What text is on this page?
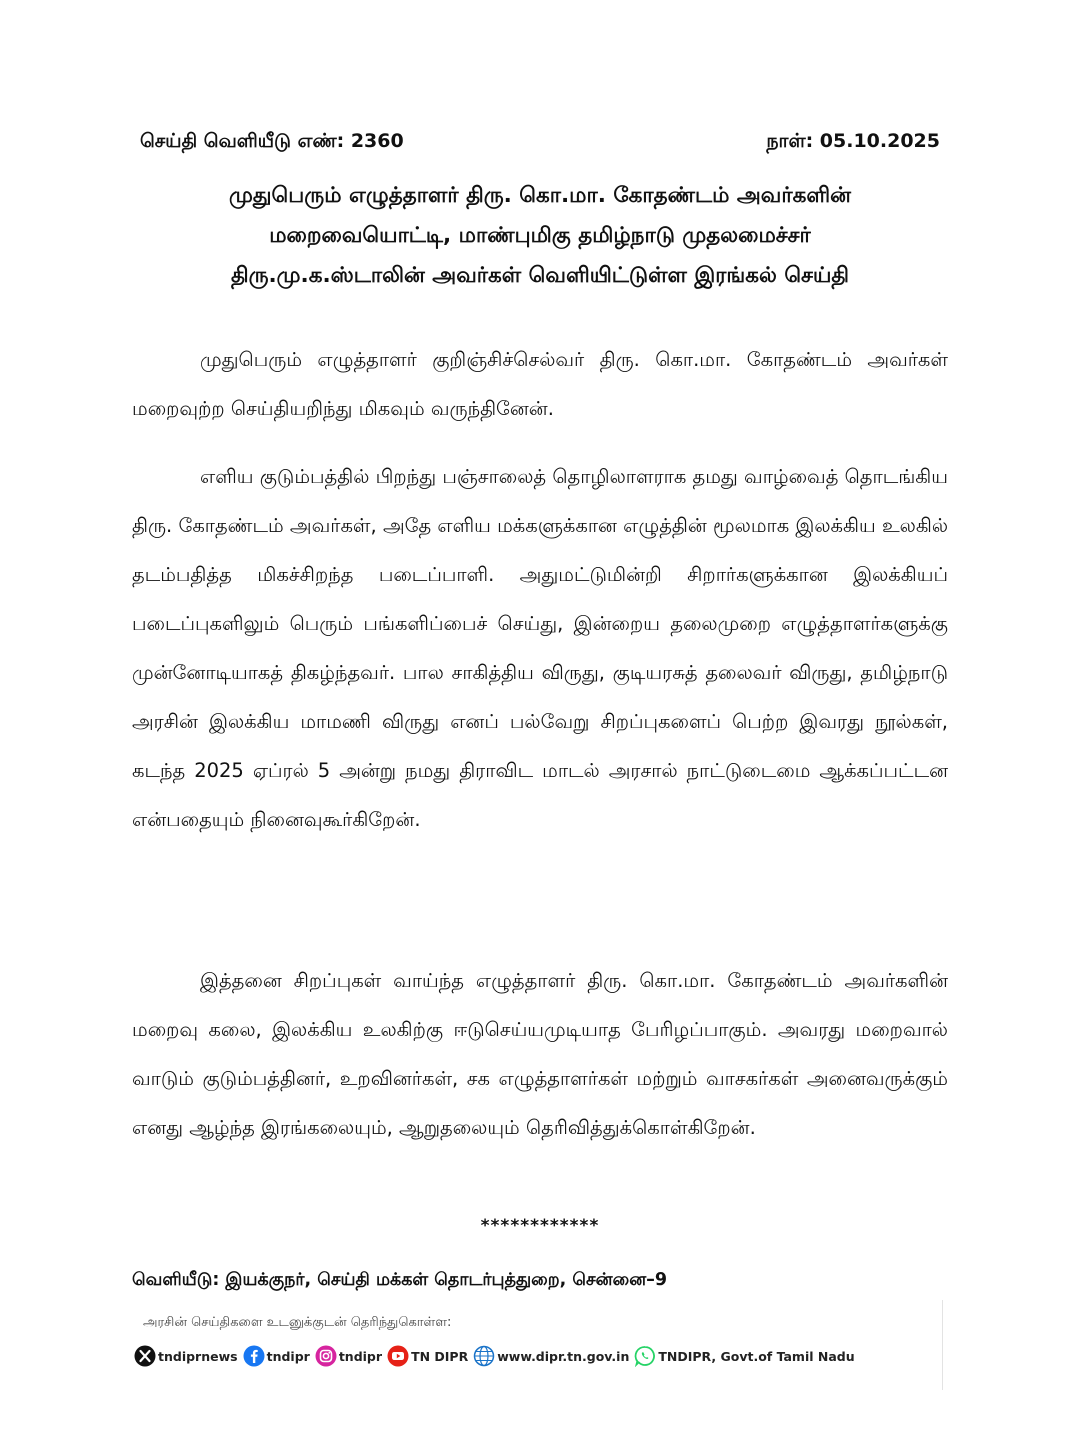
செய்தி வெளியீடு எண்: 2360	நாள்: 05.10.2025
முதுபெரும் எழுத்தாளர் திரு. கொ.மா. கோதண்டம் அவர்களின்
மறைவையொட்டி, மாண்புமிகு தமிழ்நாடு முதலமைச்சர்
திரு.மு.க.ஸ்டாலின் அவர்கள் வெளியிட்டுள்ள இரங்கல் செய்தி

முதுபெரும் எழுத்தாளர் குறிஞ்சிச்செல்வர் திரு. கொ.மா. கோதண்டம் அவர்கள் மறைவுற்ற செய்தியறிந்து மிகவும் வருந்தினேன்.

எளிய குடும்பத்தில் பிறந்து பஞ்சாலைத் தொழிலாளராக தமது வாழ்வைத் தொடங்கிய திரு. கோதண்டம் அவர்கள், அதே எளிய மக்களுக்கான எழுத்தின் மூலமாக இலக்கிய உலகில் தடம்பதித்த மிகச்சிறந்த படைப்பாளி. அதுமட்டுமின்றி சிறார்களுக்கான இலக்கியப் படைப்புகளிலும் பெரும் பங்களிப்பைச் செய்து, இன்றைய தலைமுறை எழுத்தாளர்களுக்கு முன்னோடியாகத் திகழ்ந்தவர். பால சாகித்திய விருது, குடியரசுத் தலைவர் விருது, தமிழ்நாடு அரசின் இலக்கிய மாமணி விருது எனப் பல்வேறு சிறப்புகளைப் பெற்ற இவரது நூல்கள், கடந்த 2025 ஏப்ரல் 5 அன்று நமது திராவிட மாடல் அரசால் நாட்டுடைமை ஆக்கப்பட்டன என்பதையும் நினைவுகூர்கிறேன்.

இத்தனை சிறப்புகள் வாய்ந்த எழுத்தாளர் திரு. கொ.மா. கோதண்டம் அவர்களின் மறைவு கலை, இலக்கிய உலகிற்கு ஈடுசெய்யமுடியாத பேரிழப்பாகும். அவரது மறைவால் வாடும் குடும்பத்தினர், உறவினர்கள், சக எழுத்தாளர்கள் மற்றும் வாசகர்கள் அனைவருக்கும் எனது ஆழ்ந்த இரங்கலையும், ஆறுதலையும் தெரிவித்துக்கொள்கிறேன்.

************
வெளியீடு: இயக்குநர், செய்தி மக்கள் தொடர்புத்துறை, சென்னை–9
அரசின் செய்திகளை உடனுக்குடன் தெரிந்துகொள்ள:
tndiprnews tndipr tndipr TN DIPR www.dipr.tn.gov.in TNDIPR, Govt.of Tamil Nadu
